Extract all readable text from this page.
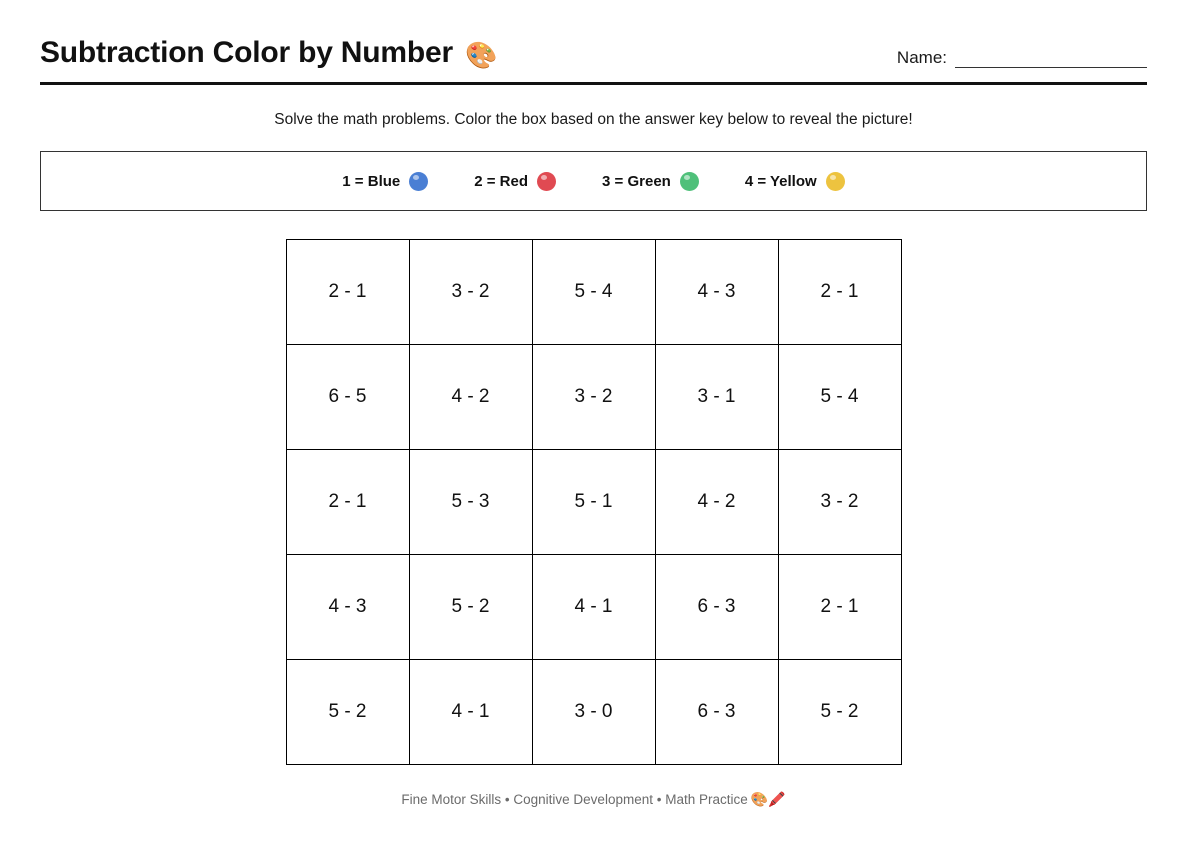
Subtraction Color by Number 🎨	Name:
Solve the math problems. Color the box based on the answer key below to reveal the picture!
1 = Blue	2 = Red	3 = Green	4 = Yellow
2 - 1	3 - 2	5 - 4	4 - 3	2 - 1
6 - 5	4 - 2	3 - 2	3 - 1	5 - 4
2 - 1	5 - 3	5 - 1	4 - 2	3 - 2
4 - 3	5 - 2	4 - 1	6 - 3	2 - 1
5 - 2	4 - 1	3 - 0	6 - 3	5 - 2
Fine Motor Skills • Cognitive Development • Math Practice 🎨🖍️
